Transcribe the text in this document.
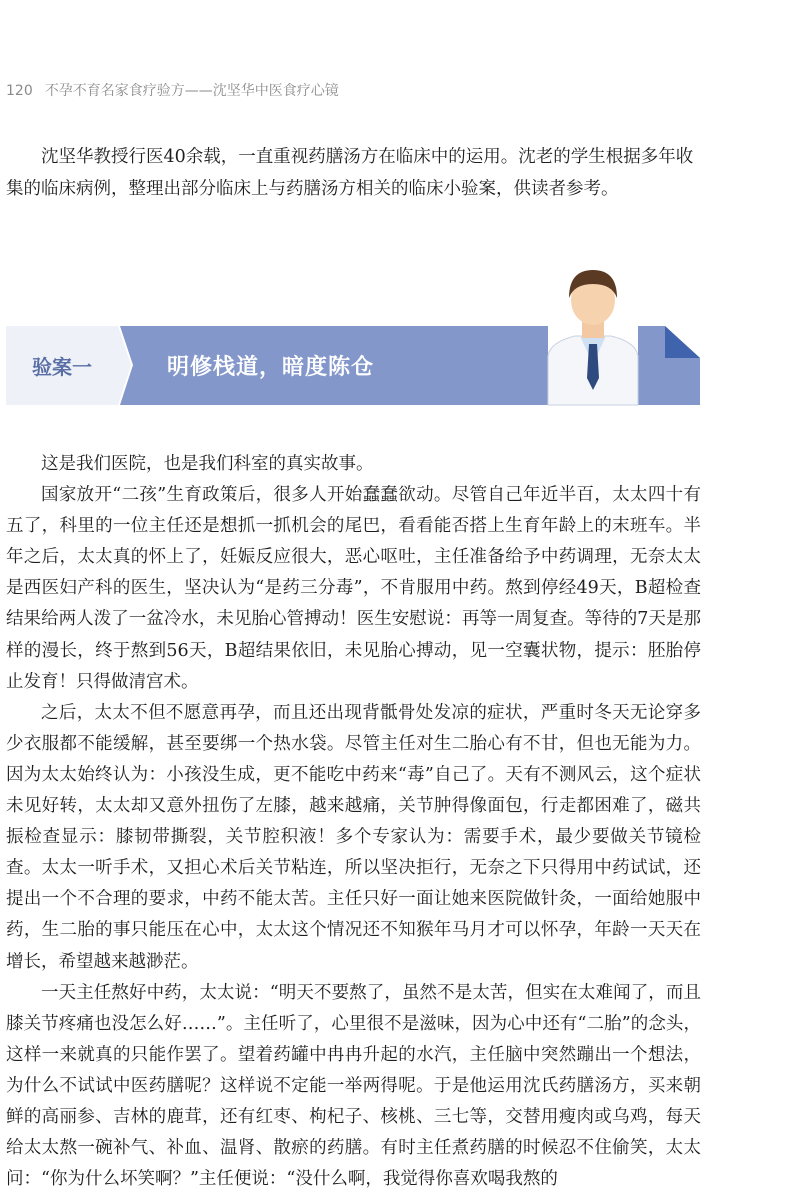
120 不孕不育名家食疗验方——沈坚华中医食疗心镜

沈坚华教授行医40余载，一直重视药膳汤方在临床中的运用。沈老的学生根据多年收集的临床病例，整理出部分临床上与药膳汤方相关的临床小验案，供读者参考。

验案一	明修栈道，暗度陈仓

这是我们医院，也是我们科室的真实故事。

国家放开“二孩”生育政策后，很多人开始蠢蠢欲动。尽管自己年近半百，太太四十有五了，科里的一位主任还是想抓一抓机会的尾巴，看看能否搭上生育年龄上的末班车。半年之后，太太真的怀上了，妊娠反应很大，恶心呕吐，主任准备给予中药调理，无奈太太是西医妇产科的医生，坚决认为“是药三分毒”，不肯服用中药。熬到停经49天，B超检查结果给两人泼了一盆冷水，未见胎心管搏动！医生安慰说：再等一周复查。等待的7天是那样的漫长，终于熬到56天，B超结果依旧，未见胎心搏动，见一空囊状物，提示：胚胎停止发育！只得做清宫术。

之后，太太不但不愿意再孕，而且还出现背骶骨处发凉的症状，严重时冬天无论穿多少衣服都不能缓解，甚至要绑一个热水袋。尽管主任对生二胎心有不甘，但也无能为力。因为太太始终认为：小孩没生成，更不能吃中药来“毒”自己了。天有不测风云，这个症状未见好转，太太却又意外扭伤了左膝，越来越痛，关节肿得像面包，行走都困难了，磁共振检查显示：膝韧带撕裂，关节腔积液！多个专家认为：需要手术，最少要做关节镜检查。太太一听手术，又担心术后关节粘连，所以坚决拒行，无奈之下只得用中药试试，还提出一个不合理的要求，中药不能太苦。主任只好一面让她来医院做针灸，一面给她服中药，生二胎的事只能压在心中，太太这个情况还不知猴年马月才可以怀孕，年龄一天天在增长，希望越来越渺茫。

一天主任熬好中药，太太说：“明天不要熬了，虽然不是太苦，但实在太难闻了，而且膝关节疼痛也没怎么好……”。主任听了，心里很不是滋味，因为心中还有“二胎”的念头，这样一来就真的只能作罢了。望着药罐中冉冉升起的水汽，主任脑中突然蹦出一个想法，为什么不试试中医药膳呢？这样说不定能一举两得呢。于是他运用沈氏药膳汤方，买来朝鲜的高丽参、吉林的鹿茸，还有红枣、枸杞子、核桃、三七等，交替用瘦肉或乌鸡，每天给太太熬一碗补气、补血、温肾、散瘀的药膳。有时主任煮药膳的时候忍不住偷笑，太太问：“你为什么坏笑啊？”主任便说：“没什么啊，我觉得你喜欢喝我熬的
